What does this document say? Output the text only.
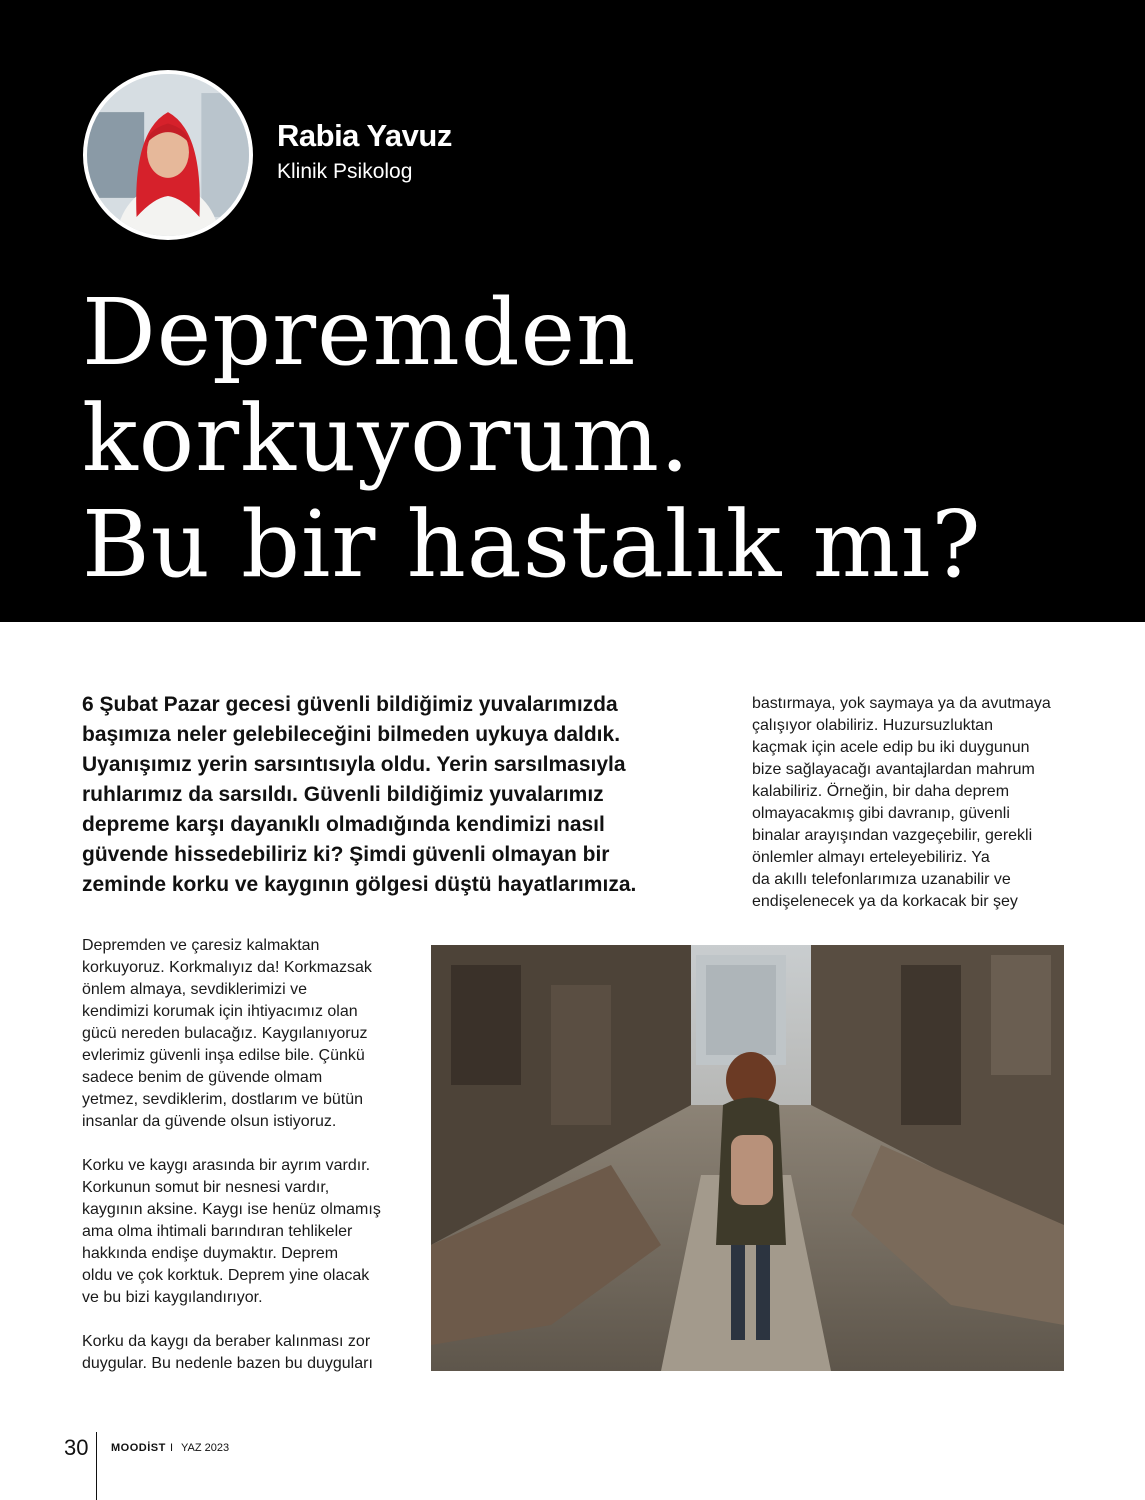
Rabia Yavuz
Klinik Psikolog
Depremden
korkuyorum.
Bu bir hastalık mı?

6 Şubat Pazar gecesi güvenli bildiğimiz yuvalarımızda
başımıza neler gelebileceğini bilmeden uykuya daldık.
Uyanışımız yerin sarsıntısıyla oldu. Yerin sarsılmasıyla
ruhlarımız da sarsıldı. Güvenli bildiğimiz yuvalarımız
depreme karşı dayanıklı olmadığında kendimizi nasıl
güvende hissedebiliriz ki? Şimdi güvenli olmayan bir
zeminde korku ve kaygının gölgesi düştü hayatlarımıza.

bastırmaya, yok saymaya ya da avutmaya
çalışıyor olabiliriz. Huzursuzluktan
kaçmak için acele edip bu iki duygunun
bize sağlayacağı avantajlardan mahrum
kalabiliriz. Örneğin, bir daha deprem
olmayacakmış gibi davranıp, güvenli
binalar arayışından vazgeçebilir, gerekli
önlemler almayı erteleyebiliriz. Ya
da akıllı telefonlarımıza uzanabilir ve
endişelenecek ya da korkacak bir şey

Depremden ve çaresiz kalmaktan
korkuyoruz. Korkmalıyız da! Korkmazsak
önlem almaya, sevdiklerimizi ve
kendimizi korumak için ihtiyacımız olan
gücü nereden bulacağız. Kaygılanıyoruz
evlerimiz güvenli inşa edilse bile. Çünkü
sadece benim de güvende olmam
yetmez, sevdiklerim, dostlarım ve bütün
insanlar da güvende olsun istiyoruz.

Korku ve kaygı arasında bir ayrım vardır.
Korkunun somut bir nesnesi vardır,
kaygının aksine. Kaygı ise henüz olmamış
ama olma ihtimali barındıran tehlikeler
hakkında endişe duymaktır. Deprem
oldu ve çok korktuk. Deprem yine olacak
ve bu bizi kaygılandırıyor.

Korku da kaygı da beraber kalınması zor
duygular. Bu nedenle bazen bu duyguları

30 MOODİST I YAZ 2023
